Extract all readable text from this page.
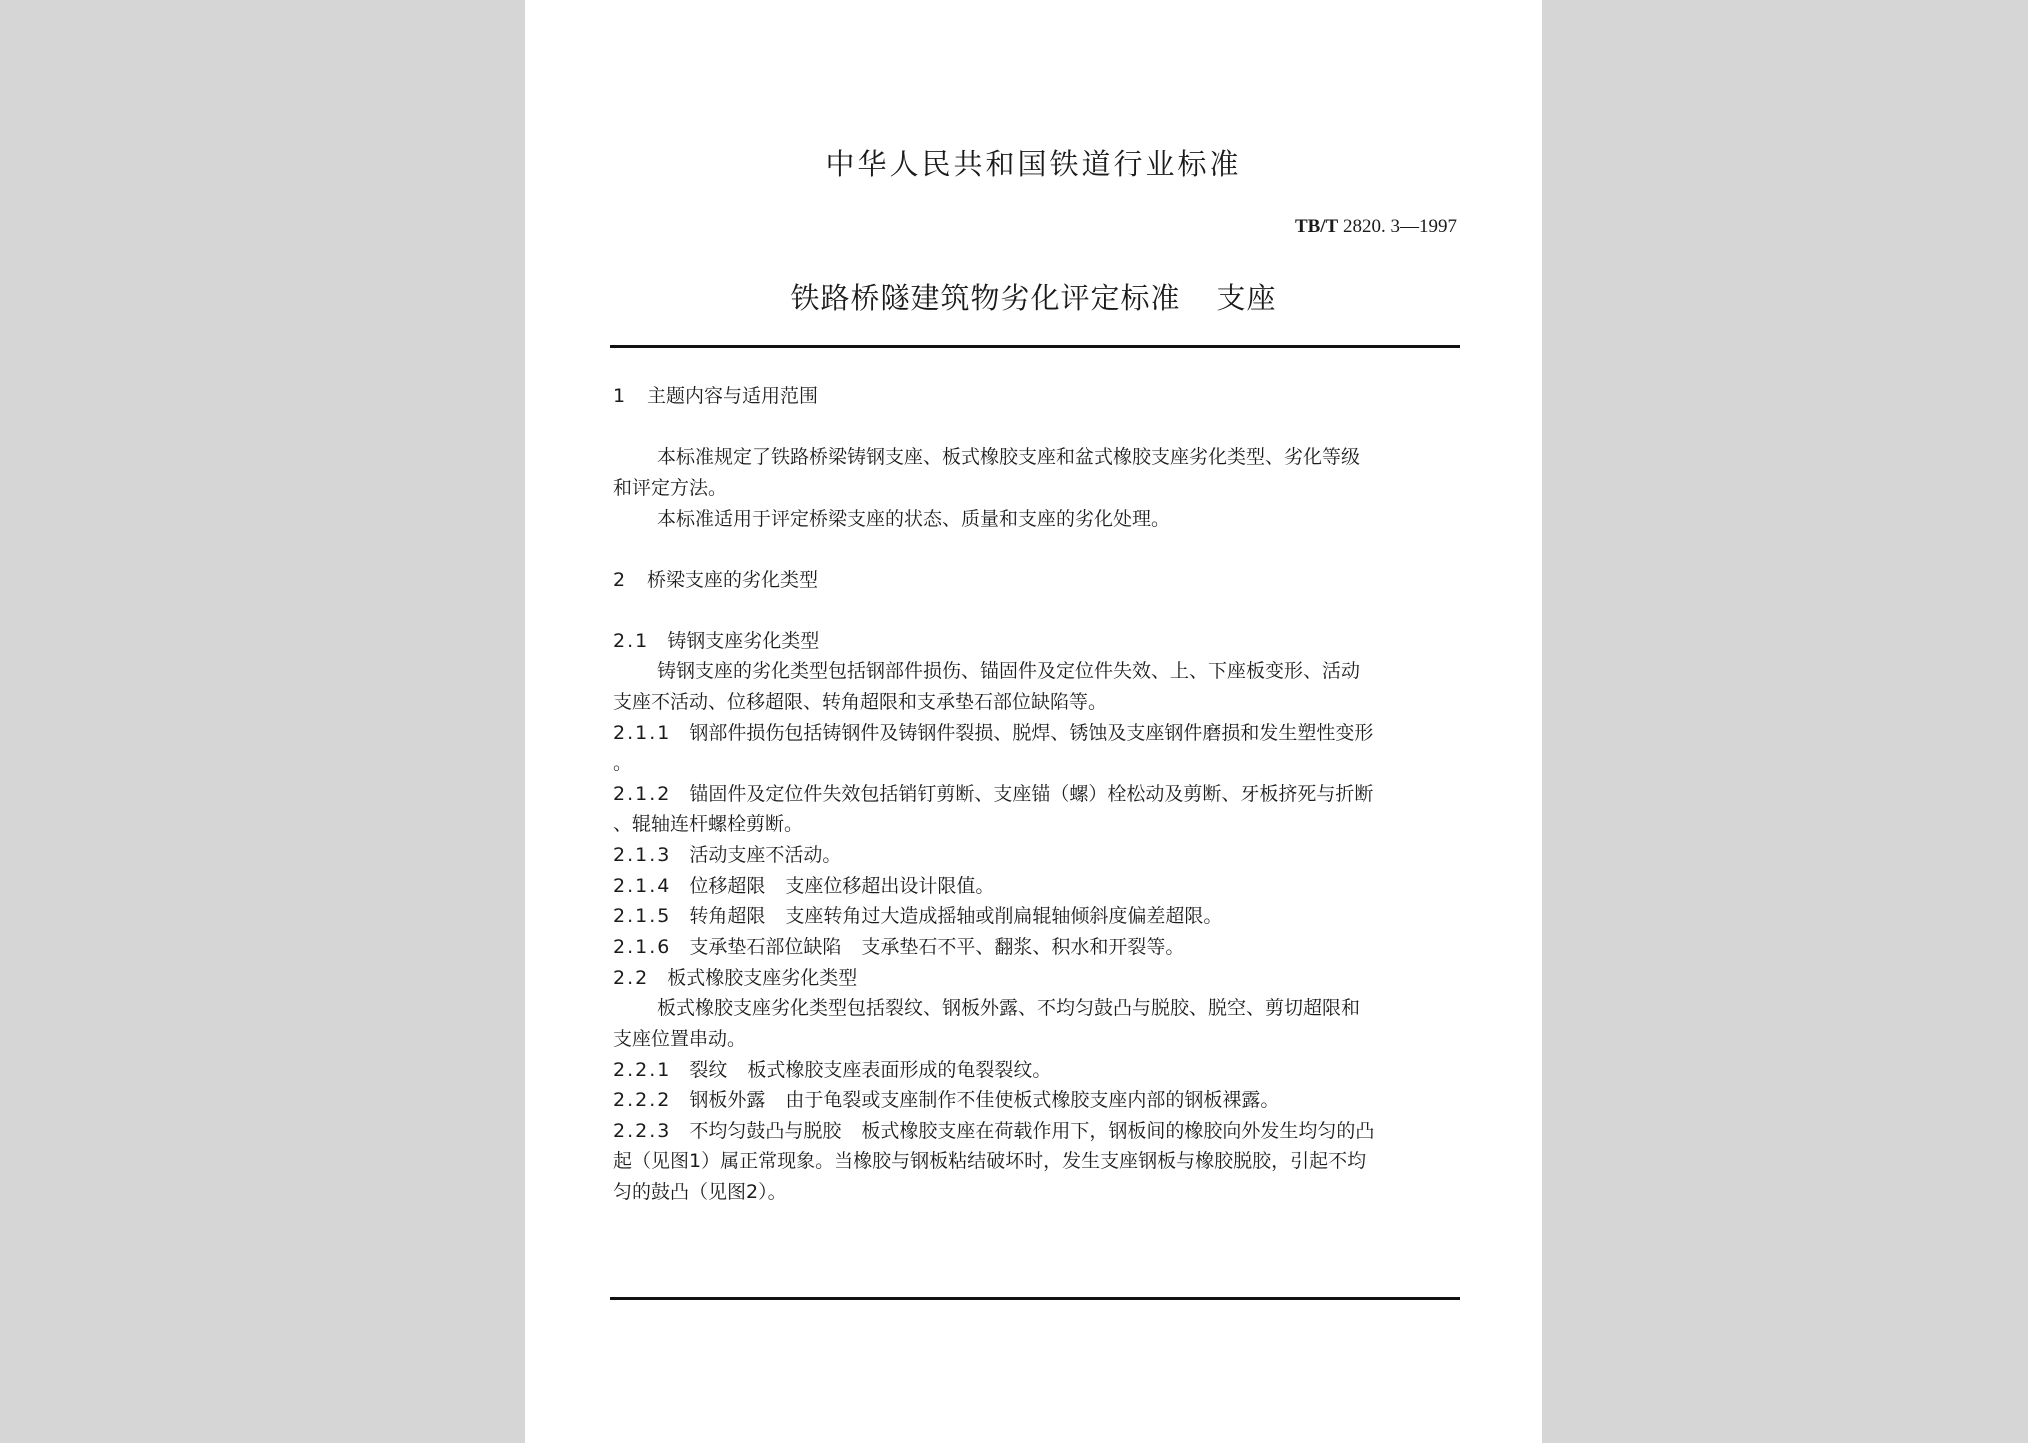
中华人民共和国铁道行业标准
TB/T 2820. 3—1997
铁路桥隧建筑物劣化评定标准 支座
1 主题内容与适用范围
本标准规定了铁路桥梁铸钢支座、板式橡胶支座和盆式橡胶支座劣化类型、劣化等级
和评定方法。
本标准适用于评定桥梁支座的状态、质量和支座的劣化处理。
2 桥梁支座的劣化类型
2.1 铸钢支座劣化类型
铸钢支座的劣化类型包括钢部件损伤、锚固件及定位件失效、上、下座板变形、活动
支座不活动、位移超限、转角超限和支承垫石部位缺陷等。
2.1.1 钢部件损伤包括铸钢件及铸钢件裂损、脱焊、锈蚀及支座钢件磨损和发生塑性变形
。
2.1.2 锚固件及定位件失效包括销钉剪断、支座锚（螺）栓松动及剪断、牙板挤死与折断
、辊轴连杆螺栓剪断。
2.1.3 活动支座不活动。
2.1.4 位移超限 支座位移超出设计限值。
2.1.5 转角超限 支座转角过大造成摇轴或削扁辊轴倾斜度偏差超限。
2.1.6 支承垫石部位缺陷 支承垫石不平、翻浆、积水和开裂等。
2.2 板式橡胶支座劣化类型
板式橡胶支座劣化类型包括裂纹、钢板外露、不均匀鼓凸与脱胶、脱空、剪切超限和
支座位置串动。
2.2.1 裂纹 板式橡胶支座表面形成的龟裂裂纹。
2.2.2 钢板外露 由于龟裂或支座制作不佳使板式橡胶支座内部的钢板裸露。
2.2.3 不均匀鼓凸与脱胶 板式橡胶支座在荷载作用下，钢板间的橡胶向外发生均匀的凸
起（见图1）属正常现象。当橡胶与钢板粘结破坏时，发生支座钢板与橡胶脱胶，引起不均
匀的鼓凸（见图2）。
